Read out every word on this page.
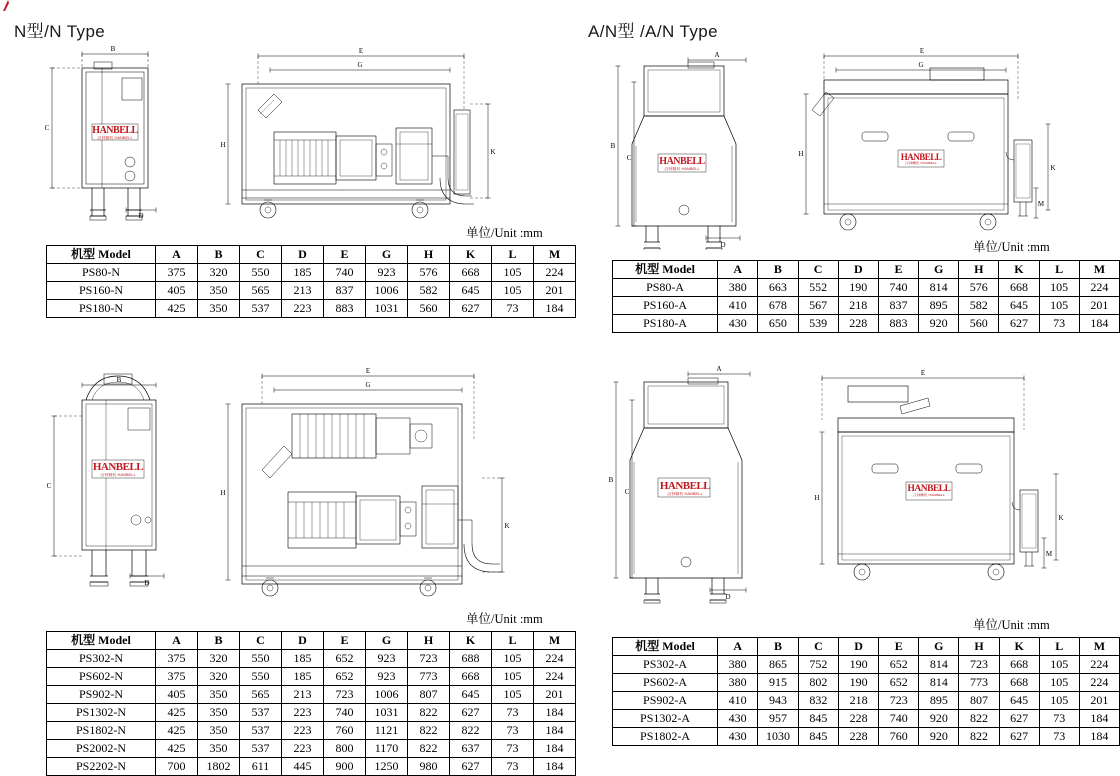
N型/N Type	A/N型 /A/N Type
B
C
D
E
G
H
K
HANBELL
汉钟精机 HANBELL
单位/Unit :mm
机型 Model	A	B	C	D	E	G	H	K	L	M
PS80-N	375	320	550	185	740	923	576	668	105	224
PS160-N	405	350	565	213	837	1006	582	645	105	201
PS180-N	425	350	537	223	883	1031	560	627	73	184
B
C
D
E
G
H
K
HANBELL
汉钟精机 HANBELL
单位/Unit :mm
机型 Model	A	B	C	D	E	G	H	K	L	M
PS302-N	375	320	550	185	652	923	723	688	105	224
PS602-N	375	320	550	185	652	923	773	668	105	224
PS902-N	405	350	565	213	723	1006	807	645	105	201
PS1302-N	425	350	537	223	740	1031	822	627	73	184
PS1802-N	425	350	537	223	760	1121	822	822	73	184
PS2002-N	425	350	537	223	800	1170	822	637	73	184
PS2202-N	700	1802	611	445	900	1250	980	627	73	184
A
B
C
D
E
G
H
K
M
HANBELL
汉钟精机 HANBELL
HANBELL
汉钟精机 HANBELL
单位/Unit :mm
机型 Model	A	B	C	D	E	G	H	K	L	M
PS80-A	380	663	552	190	740	814	576	668	105	224
PS160-A	410	678	567	218	837	895	582	645	105	201
PS180-A	430	650	539	228	883	920	560	627	73	184
A
B
C
D
E
H
K
M
HANBELL
汉钟精机 HANBELL	HANBELL
汉钟精机 HANBELL
单位/Unit :mm
机型 Model	A	B	C	D	E	G	H	K	L	M
PS302-A	380	865	752	190	652	814	723	668	105	224
PS602-A	380	915	802	190	652	814	773	668	105	224
PS902-A	410	943	832	218	723	895	807	645	105	201
PS1302-A	430	957	845	228	740	920	822	627	73	184
PS1802-A	430	1030	845	228	760	920	822	627	73	184
